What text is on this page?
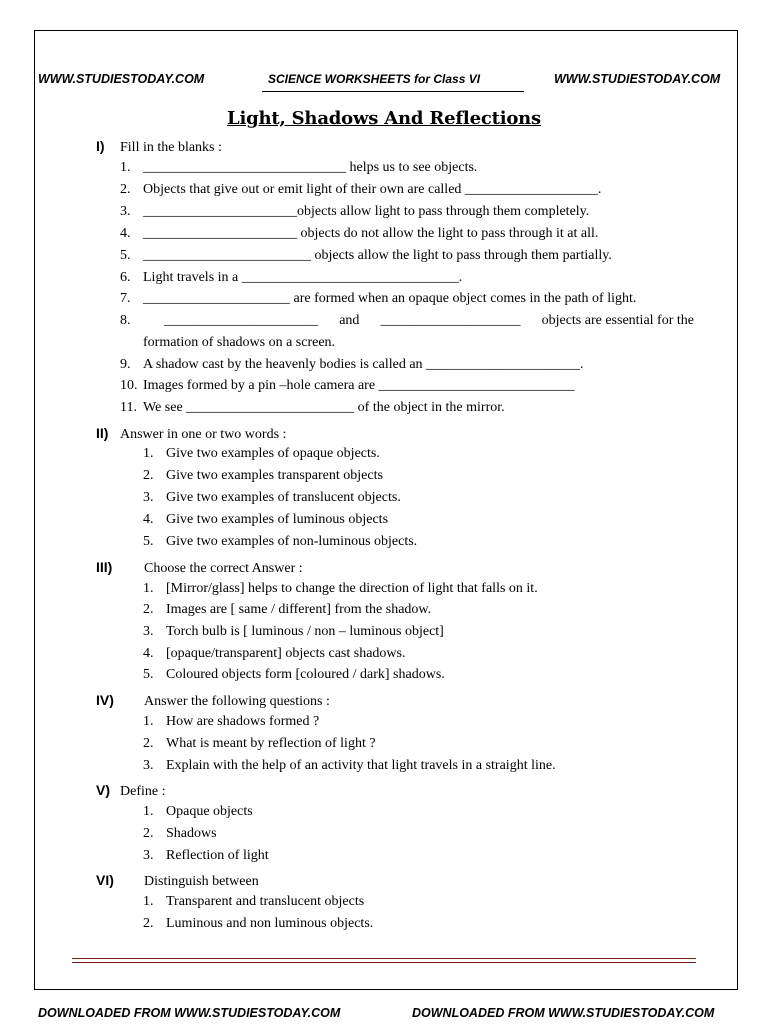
WWW.STUDIESTODAY.COM	SCIENCE WORKSHEETS for Class VI	WWW.STUDIESTODAY.COM
Light, Shadows And Reflections
I) Fill in the blanks :
1. _____________________________ helps us to see objects.
2. Objects that give out or emit light of their own are called ___________________.
3. ______________________objects allow light to pass through them completely.
4. ______________________ objects do not allow the light to pass through it at all.
5. ________________________ objects allow the light to pass through them partially.
6. Light travels in a _______________________________.
7. _____________________ are formed when an opaque object comes in the path of light.
8.	______________________ and ____________________ objects are essential for the
formation of shadows on a screen.
9. A shadow cast by the heavenly bodies is called an ______________________.
10. Images formed by a pin –hole camera are ____________________________
11. We see ________________________ of the object in the mirror.
II) Answer in one or two words :
1. Give two examples of opaque objects.
2. Give two examples transparent objects
3. Give two examples of translucent objects.
4. Give two examples of luminous objects
5. Give two examples of non-luminous objects.
III) Choose the correct Answer :
1. [Mirror/glass] helps to change the direction of light that falls on it.
2. Images are [ same / different] from the shadow.
3. Torch bulb is [ luminous / non – luminous object]
4. [opaque/transparent] objects cast shadows.
5. Coloured objects form [coloured / dark] shadows.
IV) Answer the following questions :
1. How are shadows formed ?
2. What is meant by reflection of light ?
3. Explain with the help of an activity that light travels in a straight line.
V) Define :
1. Opaque objects
2. Shadows
3. Reflection of light
VI) Distinguish between
1. Transparent and translucent objects
2. Luminous and non luminous objects.
DOWNLOADED FROM WWW.STUDIESTODAY.COM	DOWNLOADED FROM WWW.STUDIESTODAY.COM
